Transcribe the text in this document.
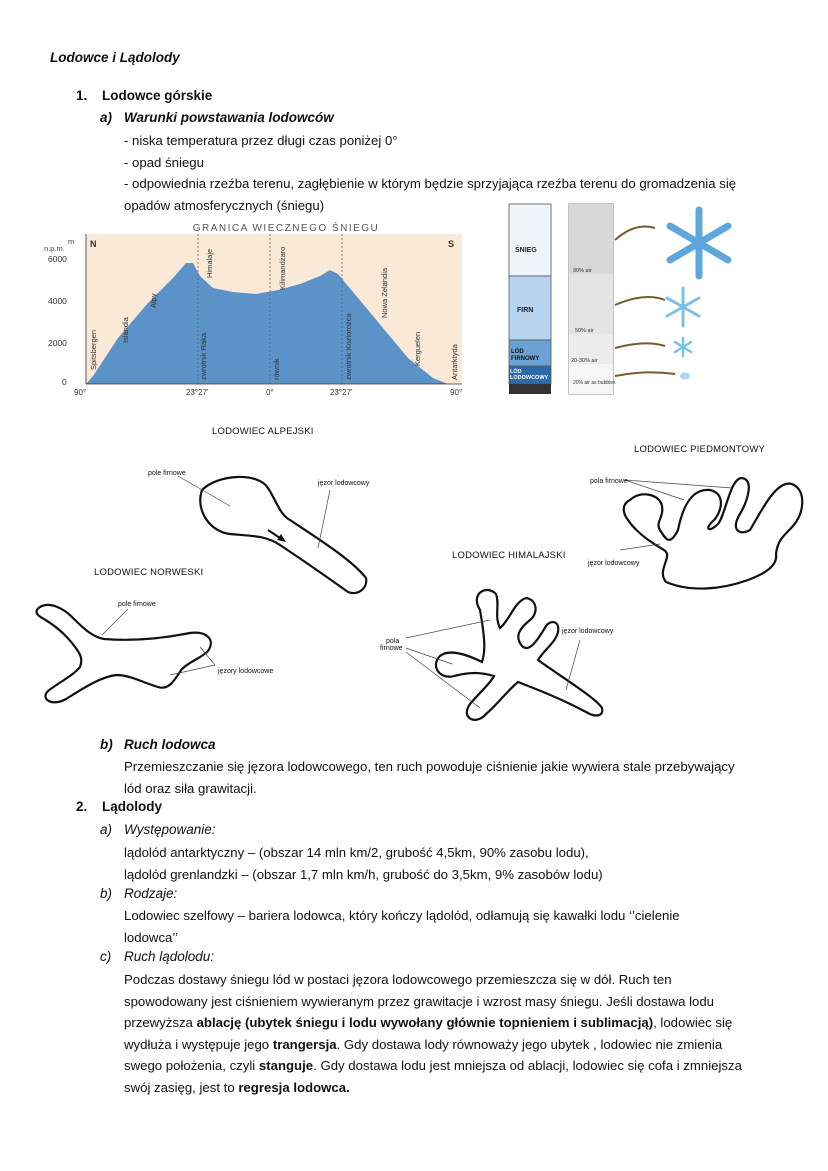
Lodowce i Lądolody
1. Lodowce górskie
a) Warunki powstawania lodowców
- niska temperatura przez długi czas poniżej 0°
- opad śniegu
- odpowiednia rzeźba terenu, zagłębienie w którym będzie sprzyjająca rzeźba terenu do gromadzenia się
opadów atmosferycznych (śniegu)
GRANICA WIECZNEGO ŚNIEGU
m
n.p.m.	N	S
6000
4000
2000
0
90°	23°27'	0°	23°27'	90°
Spitsbergen	Islandia
Alpy
zwrotnik Raka
Himalaje
równik
Kilimandżaro
zwrotnik Koziorożca
Nowa Zelandia
Kerguelen	Antarktyda
ŚNIEG
FIRN
LÓD FIRNOWY
LÓD LODOWCOWY
90% air
50% air
20-30% air
20% air as bubbles
LODOWIEC ALPEJSKI
pole firnowe
jęzor lodowcowy
LODOWIEC PIEDMONTOWY
pola firnowe
jęzor lodowcowy
LODOWIEC HIMALAJSKI
pola
firnowe
jęzor lodowcowy
LODOWIEC NORWESKI
pole firnowe
jęzory lodowcowe
b) Ruch lodowca
Przemieszczanie się jęzora lodowcowego, ten ruch powoduje ciśnienie jakie wywiera stale przebywający
lód oraz siła grawitacji.
2. Lądolody
a) Występowanie:
lądolód antarktyczny – (obszar 14 mln km/2, grubość 4,5km, 90% zasobu lodu),
lądolód grenlandzki – (obszar 1,7 mln km/h, grubość do 3,5km, 9% zasobów lodu)
b) Rodzaje:
Lodowiec szelfowy – bariera lodowca, który kończy lądolód, odłamują się kawałki lodu ‘’cielenie
lodowca’’
c) Ruch lądolodu:
Podczas dostawy śniegu lód w postaci jęzora lodowcowego przemieszcza się w dół. Ruch ten
spowodowany jest ciśnieniem wywieranym przez grawitacje i wzrost masy śniegu. Jeśli dostawa lodu
przewyższa ablację (ubytek śniegu i lodu wywołany głównie topnieniem i sublimacją), lodowiec się
wydłuża i występuje jego trangersja. Gdy dostawa lody równoważy jego ubytek , lodowiec nie zmienia
swego położenia, czyli stanguje. Gdy dostawa lodu jest mniejsza od ablacji, lodowiec się cofa i zmniejsza
swój zasięg, jest to regresja lodowca.
